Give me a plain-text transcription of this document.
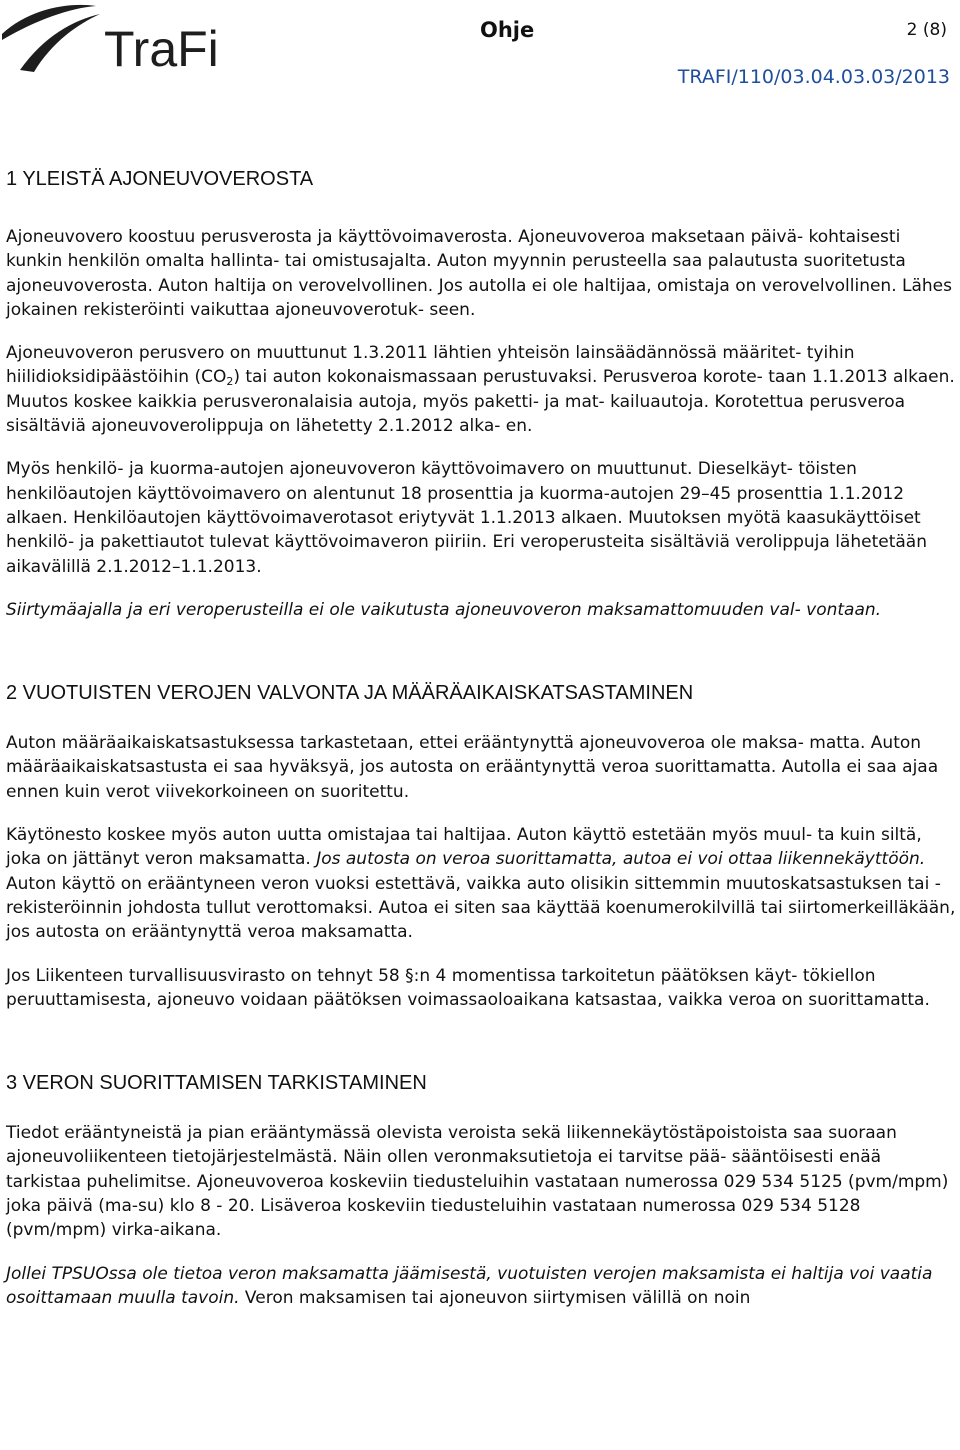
TraFi	Ohje	2 (8)
TRAFI/110/03.04.03.03/2013
1 YLEISTÄ AJONEUVOVEROSTA

Ajoneuvovero koostuu perusverosta ja käyttövoimaverosta. Ajoneuvoveroa maksetaan päivä- kohtaisesti kunkin henkilön omalta hallinta- tai omistusajalta. Auton myynnin perusteella saa palautusta suoritetusta ajoneuvoverosta. Auton haltija on verovelvollinen. Jos autolla ei ole haltijaa, omistaja on verovelvollinen. Lähes jokainen rekisteröinti vaikuttaa ajoneuvoverotuk- seen.

Ajoneuvoveron perusvero on muuttunut 1.3.2011 lähtien yhteisön lainsäädännössä määritet- tyihin hiilidioksidipäästöihin $(CO_2)$ tai auton kokonaismassaan perustuvaksi. Perusveroa korote- taan 1.1.2013 alkaen. Muutos koskee kaikkia perusveronalaisia autoja, myös paketti- ja mat- kailuautoja. Korotettua perusveroa sisältäviä ajoneuvoverolippuja on lähetetty 2.1.2012 alka- en.

Myös henkilö- ja kuorma-autojen ajoneuvoveron käyttövoimavero on muuttunut. Dieselkäyt- töisten henkilöautojen käyttövoimavero on alentunut 18 prosenttia ja kuorma-autojen 29–45 prosenttia 1.1.2012 alkaen. Henkilöautojen käyttövoimaverotasot eriytyvät 1.1.2013 alkaen. Muutoksen myötä kaasukäyttöiset henkilö- ja pakettiautot tulevat käyttövoimaveron piiriin. Eri veroperusteita sisältäviä verolippuja lähetetään aikavälillä 2.1.2012–1.1.2013.

Siirtymäajalla ja eri veroperusteilla ei ole vaikutusta ajoneuvoveron maksamattomuuden val- vontaan.

2 VUOTUISTEN VEROJEN VALVONTA JA MÄÄRÄAIKAISKATSASTAMINEN

Auton määräaikaiskatsastuksessa tarkastetaan, ettei erääntynyttä ajoneuvoveroa ole maksa- matta. Auton määräaikaiskatsastusta ei saa hyväksyä, jos autosta on erääntynyttä veroa suorittamatta. Autolla ei saa ajaa ennen kuin verot viivekorkoineen on suoritettu.

Käytönesto koskee myös auton uutta omistajaa tai haltijaa. Auton käyttö estetään myös muul- ta kuin siltä, joka on jättänyt veron maksamatta. Jos autosta on veroa suorittamatta, autoa ei voi ottaa liikennekäyttöön. Auton käyttö on erääntyneen veron vuoksi estettävä, vaikka auto olisikin sittemmin muutoskatsastuksen tai -rekisteröinnin johdosta tullut verottomaksi. Autoa ei siten saa käyttää koenumerokilvillä tai siirtomerkeilläkään, jos autosta on erääntynyttä veroa maksamatta.

Jos Liikenteen turvallisuusvirasto on tehnyt 58 §:n 4 momentissa tarkoitetun päätöksen käyt- tökiellon peruuttamisesta, ajoneuvo voidaan päätöksen voimassaoloaikana katsastaa, vaikka veroa on suorittamatta.

3 VERON SUORITTAMISEN TARKISTAMINEN

Tiedot erääntyneistä ja pian erääntymässä olevista veroista sekä liikennekäytöstäpoistoista saa suoraan ajoneuvoliikenteen tietojärjestelmästä. Näin ollen veronmaksutietoja ei tarvitse pää- sääntöisesti enää tarkistaa puhelimitse. Ajoneuvoveroa koskeviin tiedusteluihin vastataan numerossa 029 534 5125 (pvm/mpm) joka päivä (ma-su) klo 8 - 20. Lisäveroa koskeviin tiedusteluihin vastataan numerossa 029 534 5128 (pvm/mpm) virka-aikana.

Jollei TPSUOssa ole tietoa veron maksamatta jäämisestä, vuotuisten verojen maksamista ei haltija voi vaatia osoittamaan muulla tavoin. Veron maksamisen tai ajoneuvon siirtymisen välillä on noin
